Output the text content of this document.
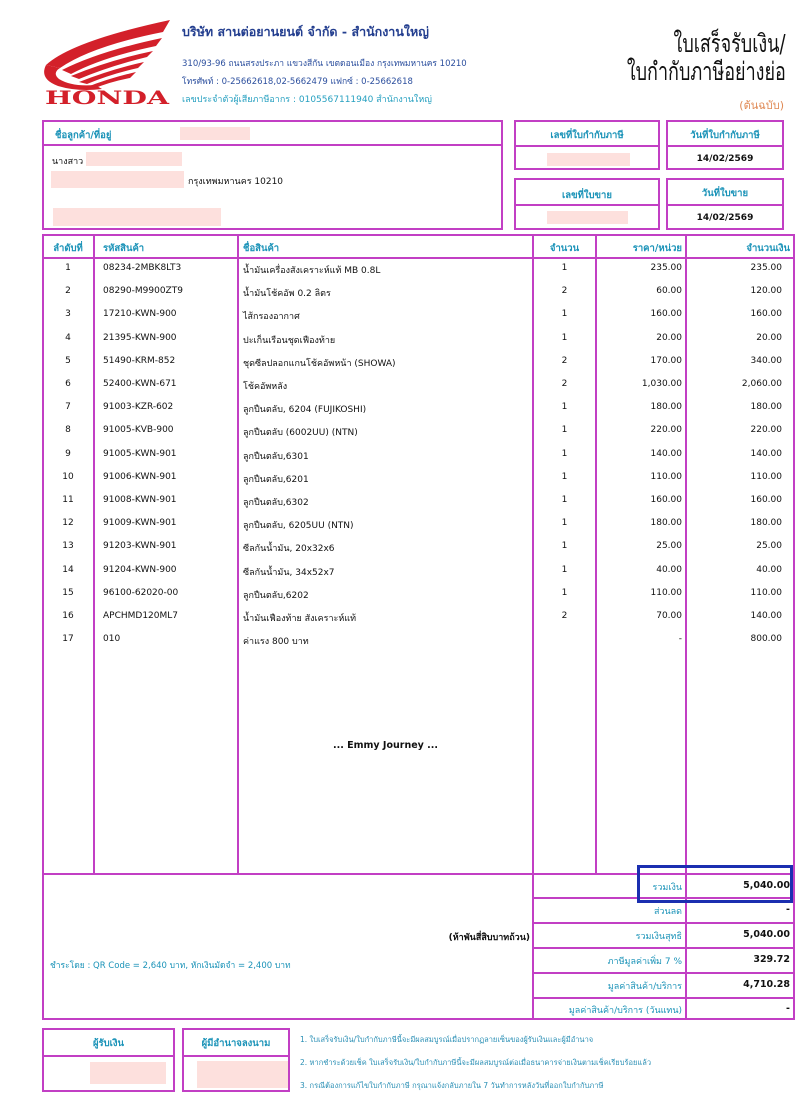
HONDA
บริษัท สานต่อยานยนต์ จำกัด - สำนักงานใหญ่
310/93-96 ถนนสรงประภา แขวงสีกัน เขตดอนเมือง กรุงเทพมหานคร 10210
โทรศัพท์ : 0-25662618,02-5662479 แฟกซ์ : 0-25662618
เลขประจำตัวผู้เสียภาษีอากร : 0105567111940 สำนักงานใหญ่
ใบเสร็จรับเงิน/
ใบกำกับภาษีอย่างย่อ
(ต้นฉบับ)
ชื่อลูกค้า/ที่อยู่
นางสาว
กรุงเทพมหานคร 10210
เลขที่ใบกำกับภาษี	วันที่ใบกำกับภาษี
14/02/2569
เลขที่ใบขาย	วันที่ใบขาย
14/02/2569
ลำดับที่	รหัสสินค้า	ชื่อสินค้า	จำนวน	ราคา/หน่วย	จำนวนเงิน
1	08234-2MBK8LT3	น้ำมันเครื่องสังเคราะห์แท้ MB 0.8L	1	235.00	235.00
2	08290-M9900ZT9	น้ำมันโช้คอัพ 0.2 ลิตร	2	60.00	120.00
3	17210-KWN-900	ไส้กรองอากาศ	1	160.00	160.00
4	21395-KWN-900	ปะเก็นเรือนชุดเฟืองท้าย	1	20.00	20.00
5	51490-KRM-852	ชุดซีลปลอกแกนโช้คอัพหน้า (SHOWA)	2	170.00	340.00
6	52400-KWN-671	โช้คอัพหลัง	2	1,030.00	2,060.00
7	91003-KZR-602	ลูกปืนตลับ, 6204 (FUJIKOSHI)	1	180.00	180.00
8	91005-KVB-900	ลูกปืนตลับ (6002UU) (NTN)	1	220.00	220.00
9	91005-KWN-901	ลูกปืนตลับ,6301	1	140.00	140.00
10	91006-KWN-901	ลูกปืนตลับ,6201	1	110.00	110.00
11	91008-KWN-901	ลูกปืนตลับ,6302	1	160.00	160.00
12	91009-KWN-901	ลูกปืนตลับ, 6205UU (NTN)	1	180.00	180.00
13	91203-KWN-901	ซีลกันน้ำมัน, 20x32x6	1	25.00	25.00
14	91204-KWN-900	ซีลกันน้ำมัน, 34x52x7	1	40.00	40.00
15	96100-62020-00	ลูกปืนตลับ,6202	1	110.00	110.00
16	APCHMD120ML7	น้ำมันเฟืองท้าย สังเคราะห์แท้	2	70.00	140.00
17	010	ค่าแรง 800 บาท	-	800.00
... Emmy Journey ...
รวมเงิน	5,040.00
ส่วนลด	-
รวมเงินสุทธิ	5,040.00
ภาษีมูลค่าเพิ่ม 7 %	329.72
มูลค่าสินค้า/บริการ	4,710.28
มูลค่าสินค้า/บริการ (วันแทน)	-
(ห้าพันสี่สิบบาทถ้วน)
ชำระโดย : QR Code = 2,640 บาท, หักเงินมัดจำ = 2,400 บาท
ผู้รับเงิน	ผู้มีอำนาจลงนาม	1. ใบเสร็จรับเงิน/ใบกำกับภาษีนี้จะมีผลสมบูรณ์เมื่อปรากฏลายเซ็นของผู้รับเงินและผู้มีอำนาจ
2. หากชำระด้วยเช็ค ใบเสร็จรับเงิน/ใบกำกับภาษีนี้จะมีผลสมบูรณ์ต่อเมื่อธนาคารจ่ายเงินตามเช็คเรียบร้อยแล้ว
3. กรณีต้องการแก้ไขใบกำกับภาษี กรุณาแจ้งกลับภายใน 7 วันทำการหลังวันที่ออกใบกำกับภาษี
